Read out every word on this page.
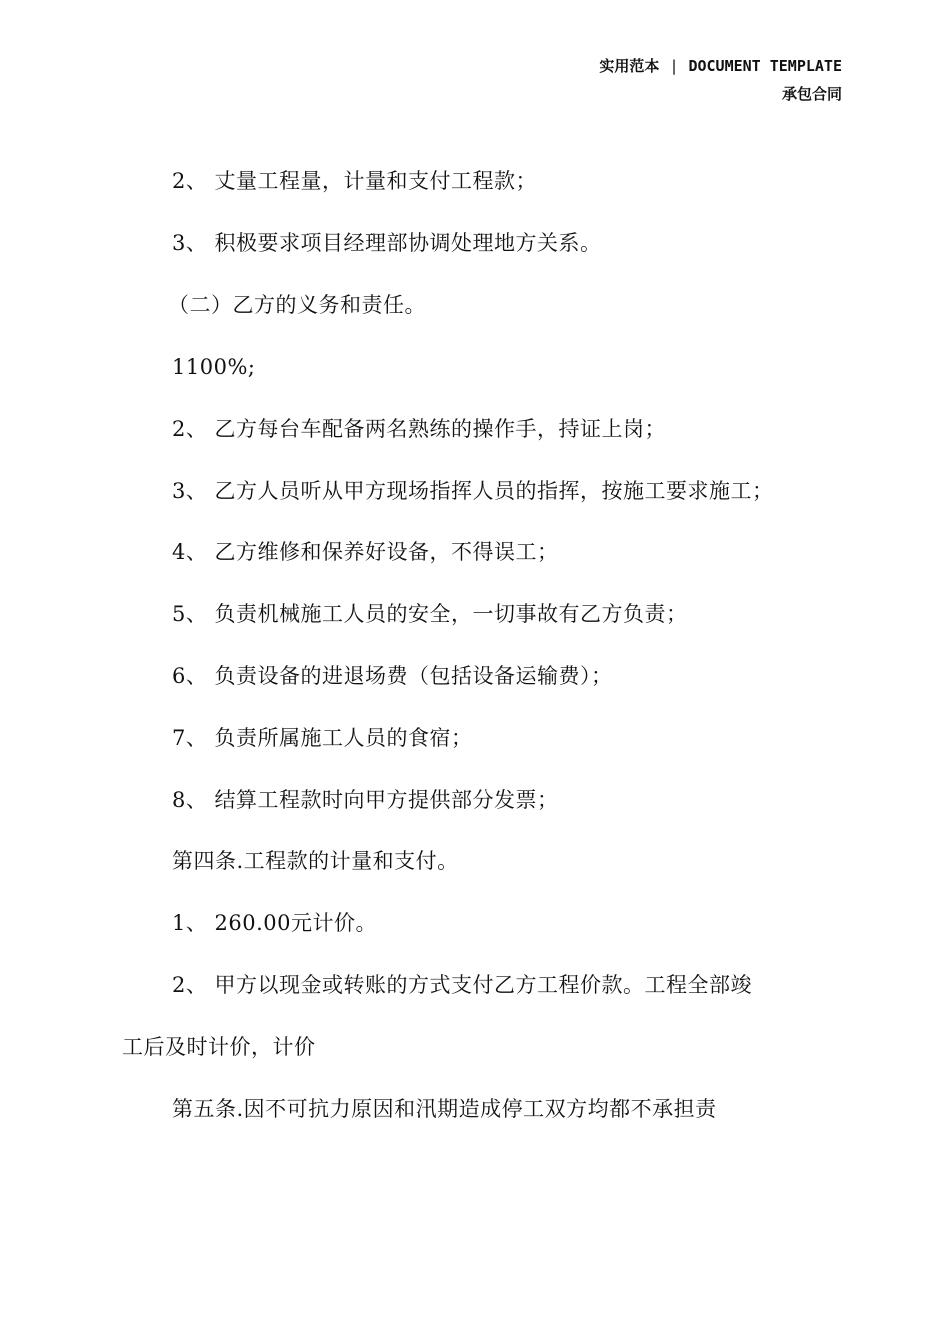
实用范本 | DOCUMENT TEMPLATE
承包合同
2、 丈量工程量，计量和支付工程款；
3、 积极要求项目经理部协调处理地方关系。
（二）乙方的义务和责任。
1100%;
2、 乙方每台车配备两名熟练的操作手，持证上岗；
3、 乙方人员听从甲方现场指挥人员的指挥，按施工要求施工；
4、 乙方维修和保养好设备，不得误工；
5、 负责机械施工人员的安全，一切事故有乙方负责；
6、 负责设备的进退场费（包括设备运输费）；
7、 负责所属施工人员的食宿；
8、 结算工程款时向甲方提供部分发票；
第四条.工程款的计量和支付。
1、 260.00元计价。
2、 甲方以现金或转账的方式支付乙方工程价款。工程全部竣
工后及时计价，计价
第五条.因不可抗力原因和汛期造成停工双方均都不承担责
